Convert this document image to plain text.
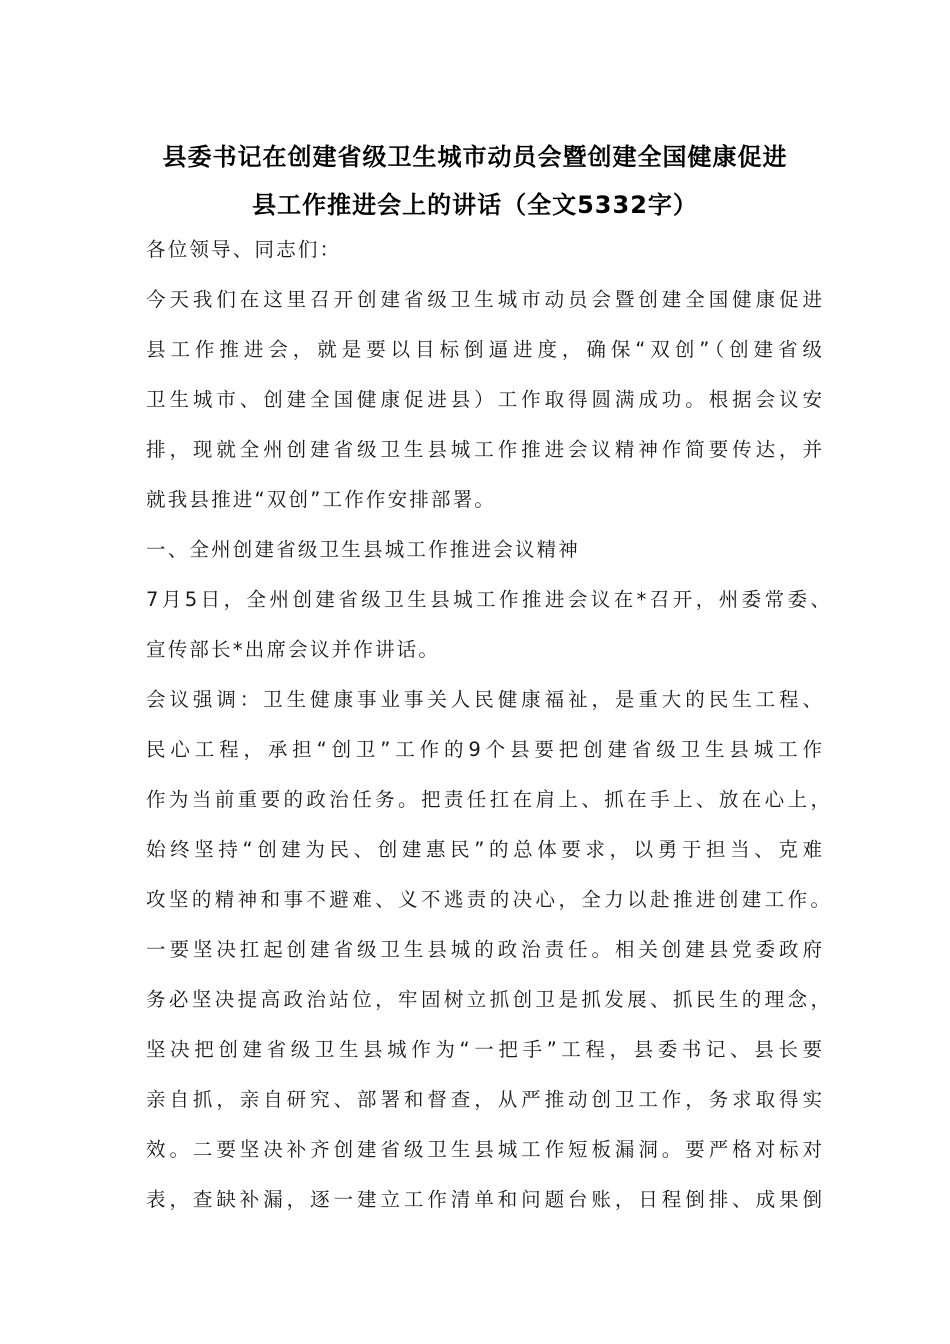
县委书记在创建省级卫生城市动员会暨创建全国健康促进
县工作推进会上的讲话（全文5332字）
各位领导、同志们：
今天我们在这里召开创建省级卫生城市动员会暨创建全国健康促进
县工作推进会，就是要以目标倒逼进度，确保“双创”（创建省级
卫生城市、创建全国健康促进县）工作取得圆满成功。根据会议安
排，现就全州创建省级卫生县城工作推进会议精神作简要传达，并
就我县推进“双创”工作作安排部署。
一、全州创建省级卫生县城工作推进会议精神
7月5日，全州创建省级卫生县城工作推进会议在*召开，州委常委、
宣传部长*出席会议并作讲话。
会议强调：卫生健康事业事关人民健康福祉，是重大的民生工程、
民心工程，承担“创卫”工作的9个县要把创建省级卫生县城工作
作为当前重要的政治任务。把责任扛在肩上、抓在手上、放在心上，
始终坚持“创建为民、创建惠民”的总体要求，以勇于担当、克难
攻坚的精神和事不避难、义不逃责的决心，全力以赴推进创建工作。
一要坚决扛起创建省级卫生县城的政治责任。相关创建县党委政府
务必坚决提高政治站位，牢固树立抓创卫是抓发展、抓民生的理念，
坚决把创建省级卫生县城作为“一把手”工程，县委书记、县长要
亲自抓，亲自研究、部署和督查，从严推动创卫工作，务求取得实
效。二要坚决补齐创建省级卫生县城工作短板漏洞。要严格对标对
表，查缺补漏，逐一建立工作清单和问题台账，日程倒排、成果倒
